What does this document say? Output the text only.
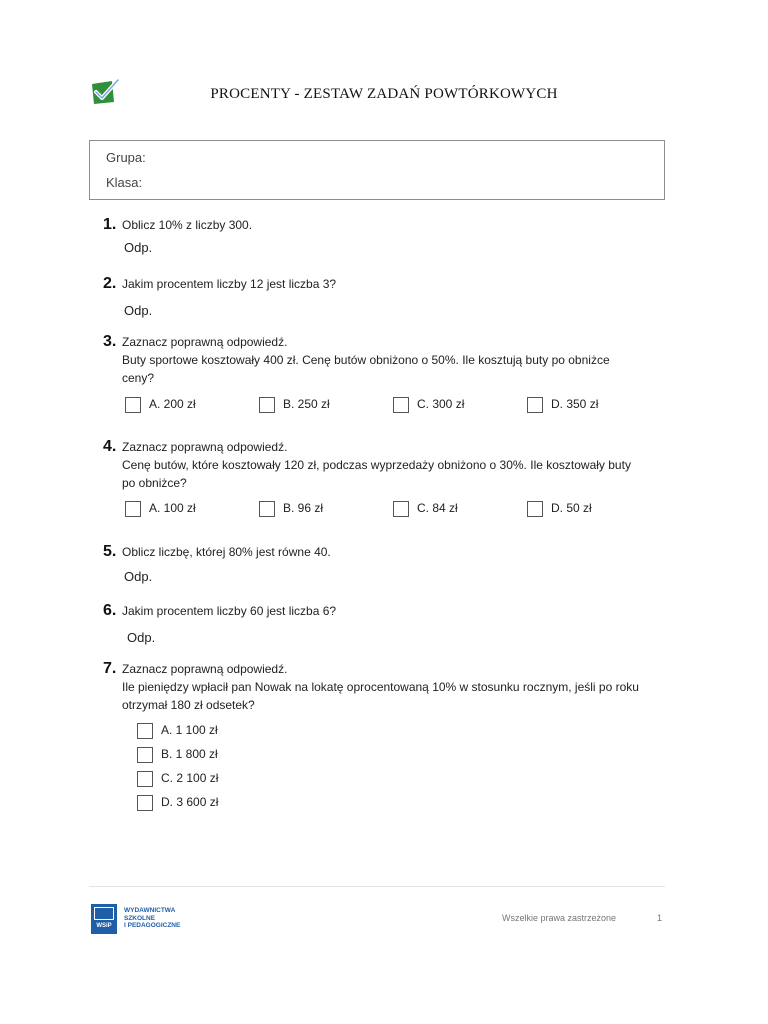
PROCENTY - ZESTAW ZADAŃ POWTÓRKOWYCH
Grupa:
Klasa:
1. Oblicz 10% z liczby 300.
Odp.
2. Jakim procentem liczby 12 jest liczba 3?
Odp.
3. Zaznacz poprawną odpowiedź.
Buty sportowe kosztowały 400 zł. Cenę butów obniżono o 50%. Ile kosztują buty po obniżce
ceny?
A. 200 zł	B. 250 zł	C. 300 zł	D. 350 zł
4. Zaznacz poprawną odpowiedź.
Cenę butów, które kosztowały 120 zł, podczas wyprzedaży obniżono o 30%. Ile kosztowały buty
po obniżce?
A. 100 zł	B. 96 zł	C. 84 zł	D. 50 zł
5. Oblicz liczbę, której 80% jest równe 40.
Odp.
6. Jakim procentem liczby 60 jest liczba 6?
Odp.
7. Zaznacz poprawną odpowiedź.
Ile pieniędzy wpłacił pan Nowak na lokatę oprocentowaną 10% w stosunku rocznym, jeśli po roku
otrzymał 180 zł odsetek?
A. 1 100 zł
B. 1 800 zł
C. 2 100 zł
D. 3 600 zł
WSiP
WYDAWNICTWA
SZKOLNE
I PEDAGOGICZNE
Wszelkie prawa zastrzeżone	1
